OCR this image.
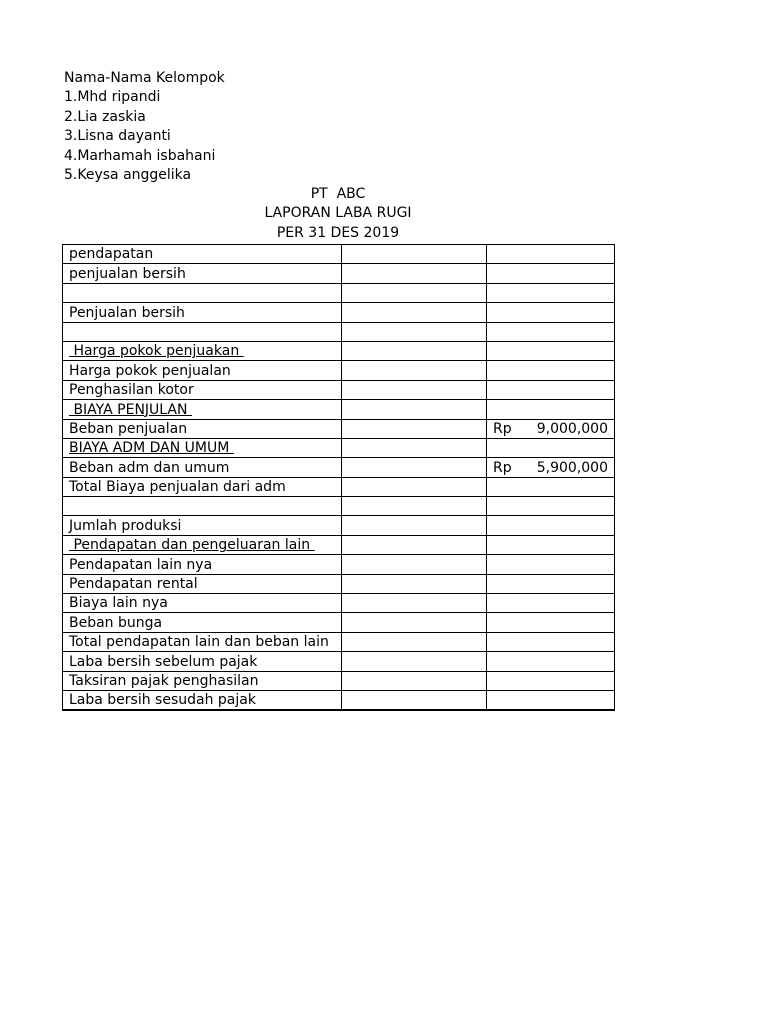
Nama-Nama Kelompok
1.Mhd ripandi
2.Lia zaskia
3.Lisna dayanti
4.Marhamah isbahani
5.Keysa anggelika
PT  ABC
LAPORAN LABA RUGI
PER 31 DES 2019
pendapatan		
penjualan bersih		

Penjualan bersih		

Harga pokok penjuakan		
Harga pokok penjualan		
Penghasilan kotor		
BIAYA PENJULAN		
Beban penjualan		Rp 9,000,000

BIAYA ADM DAN UMUM		
Beban adm dan umum		Rp 5,900,000

Total Biaya penjualan dari adm		

Jumlah produksi		
Pendapatan dan pengeluaran lain		
Pendapatan lain nya		
Pendapatan rental		
Biaya lain nya		
Beban bunga		
Total pendapatan lain dan beban lain		
Laba bersih sebelum pajak		
Taksiran pajak penghasilan		
Laba bersih sesudah pajak		
